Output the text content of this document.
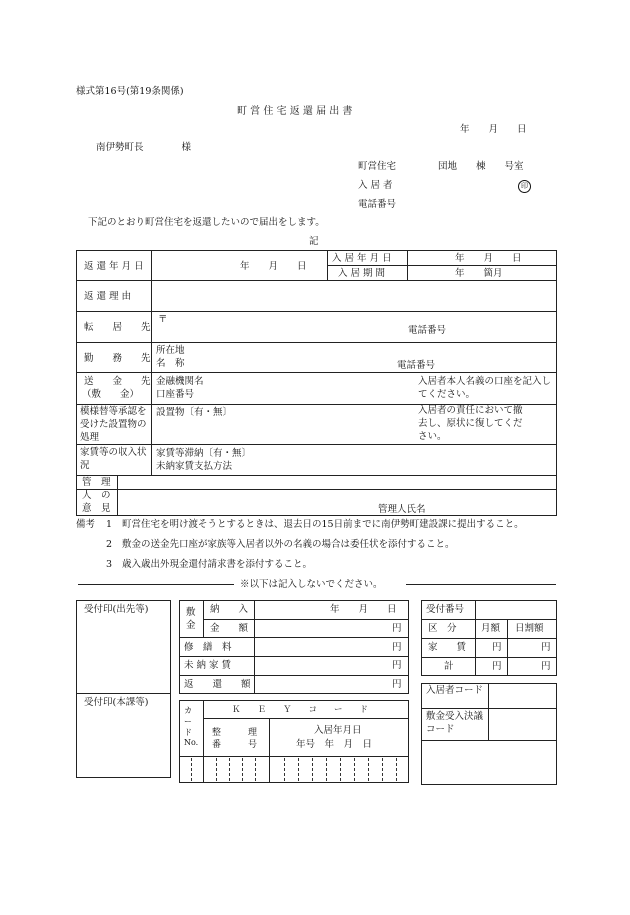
様式第16号(第19条関係)
町 営 住 宅 返 還 届 出 書
年　　月　　日
南伊勢町長　　　　様
町営住宅	団地　　棟　　号室
入 居 者	印
電話番号
下記のとおり町営住宅を返還したいので届出をします。
記
返 還 年 月 日	年　　月　　日
入 居 年 月 日	年　　月　　日
入 居 期 間	年　　箇月
返 還 理 由
転　　居　　先
〒
電話番号
勤　　務　　先
所在地
名　称	電話番号
送　　金　　先
（敷　　金）
金融機関名
口座番号
入居者本人名義の口座を記入してください。
模様替等承認を受けた設置物の処理
設置物〔有・無〕	入居者の責任において撤去し、原状に復してください。
家賃等の収入状況
家賃等滞納〔有・無〕
未納家賃支払方法
管　理
人　の
意　見	管理人氏名
備考 1 町営住宅を明け渡そうとするときは、退去日の15日前までに南伊勢町建設課に提出すること。
2 敷金の送金先口座が家族等入居者以外の名義の場合は委任状を添付すること。
3 歳入歳出外現金還付請求書を添付すること。
※以下は記入しないでください。
受付印(出先等)
受付印(本課等)
敷
金
納　　入	年　　月　　日
金　　額	円
修　繕　料	円
未 納 家 賃	円
返　　還　　額	円
Ｋ　　Ｅ　　Ｙ　　コ　　ー　　ド
カード No.
整　　　理 番　　　号
入居年月日
年号　年　月　日
受付番号
区　分	月額 日割額
家　　賃	円	円
計	円	円
入居者コード
敷金受入決議コード
